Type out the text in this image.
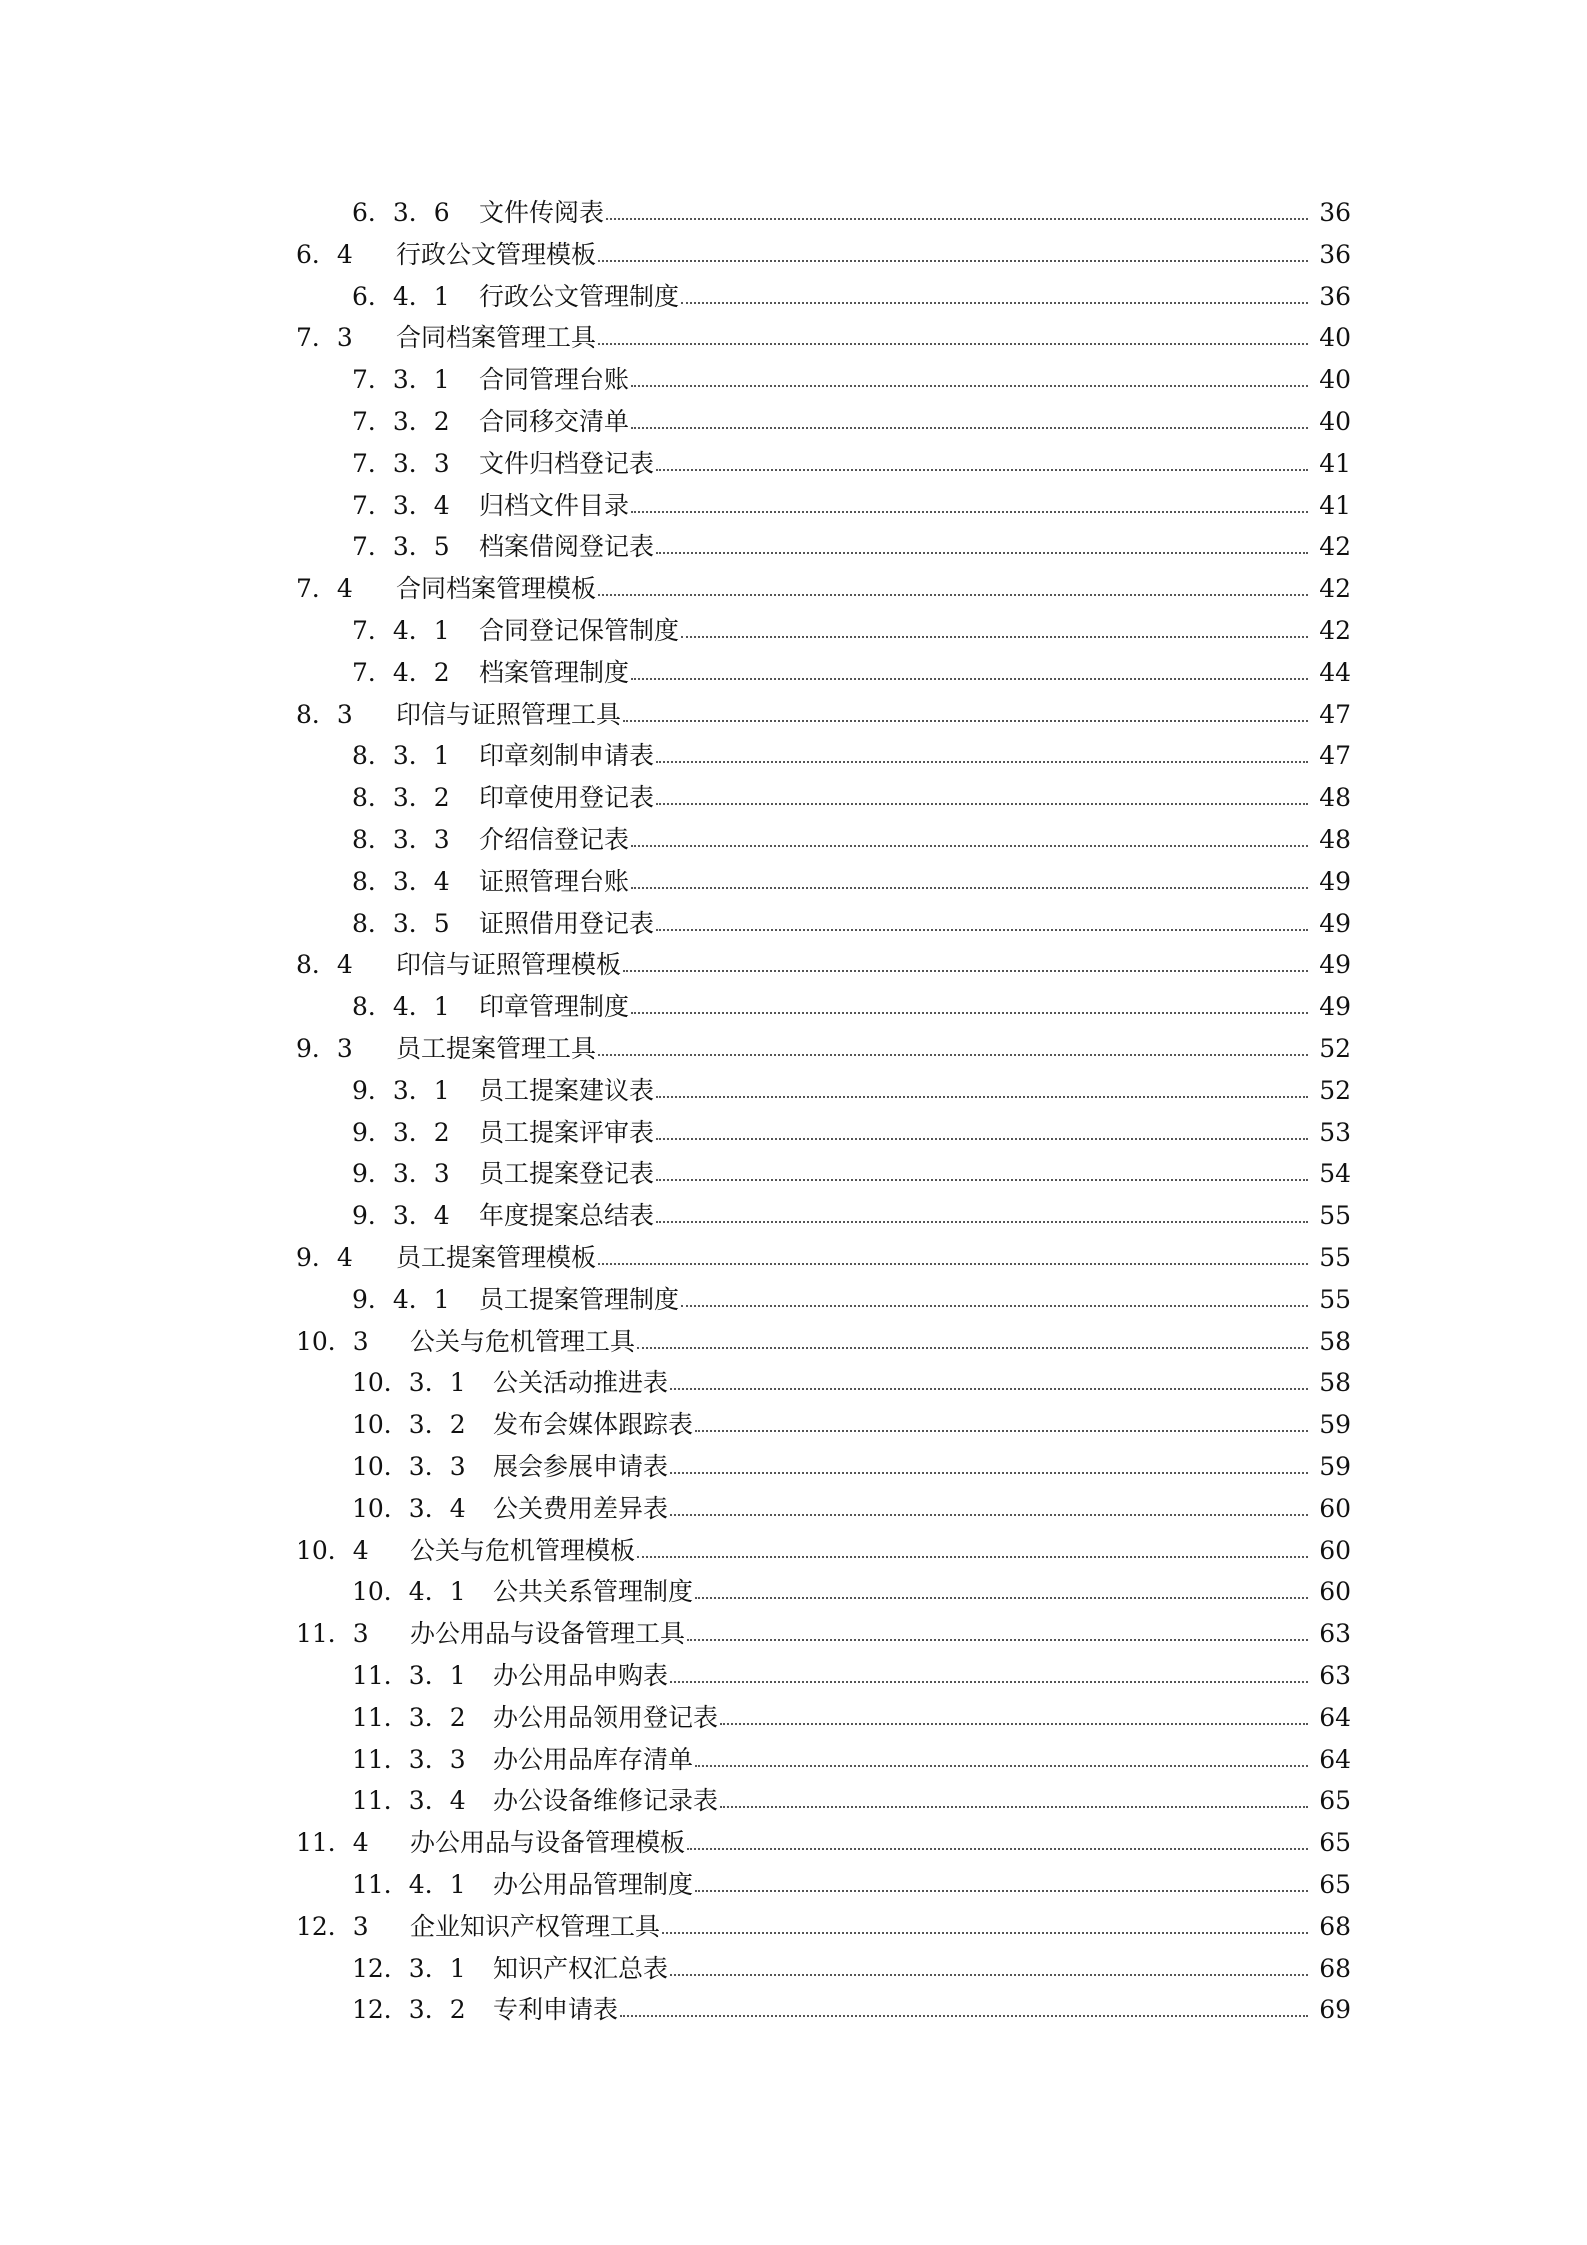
6．3．6 文件传阅表	36
6．4 行政公文管理模板	36
6．4．1 行政公文管理制度	36
7．3 合同档案管理工具	40
7．3．1 合同管理台账	40
7．3．2 合同移交清单	40
7．3．3 文件归档登记表	41
7．3．4 归档文件目录	41
7．3．5 档案借阅登记表	42
7．4 合同档案管理模板	42
7．4．1 合同登记保管制度	42
7．4．2 档案管理制度	44
8．3 印信与证照管理工具	47
8．3．1 印章刻制申请表	47
8．3．2 印章使用登记表	48
8．3．3 介绍信登记表	48
8．3．4 证照管理台账	49
8．3．5 证照借用登记表	49
8．4 印信与证照管理模板	49
8．4．1 印章管理制度	49
9．3 员工提案管理工具	52
9．3．1 员工提案建议表	52
9．3．2 员工提案评审表	53
9．3．3 员工提案登记表	54
9．3．4 年度提案总结表	55
9．4 员工提案管理模板	55
9．4．1 员工提案管理制度	55
10．3 公关与危机管理工具	58
10．3．1 公关活动推进表	58
10．3．2 发布会媒体跟踪表	59
10．3．3 展会参展申请表	59
10．3．4 公关费用差异表	60
10．4 公关与危机管理模板	60
10．4．1 公共关系管理制度	60
11．3 办公用品与设备管理工具	63
11．3．1 办公用品申购表	63
11．3．2 办公用品领用登记表	64
11．3．3 办公用品库存清单	64
11．3．4 办公设备维修记录表	65
11．4 办公用品与设备管理模板	65
11．4．1 办公用品管理制度	65
12．3 企业知识产权管理工具	68
12．3．1 知识产权汇总表	68
12．3．2 专利申请表	69
